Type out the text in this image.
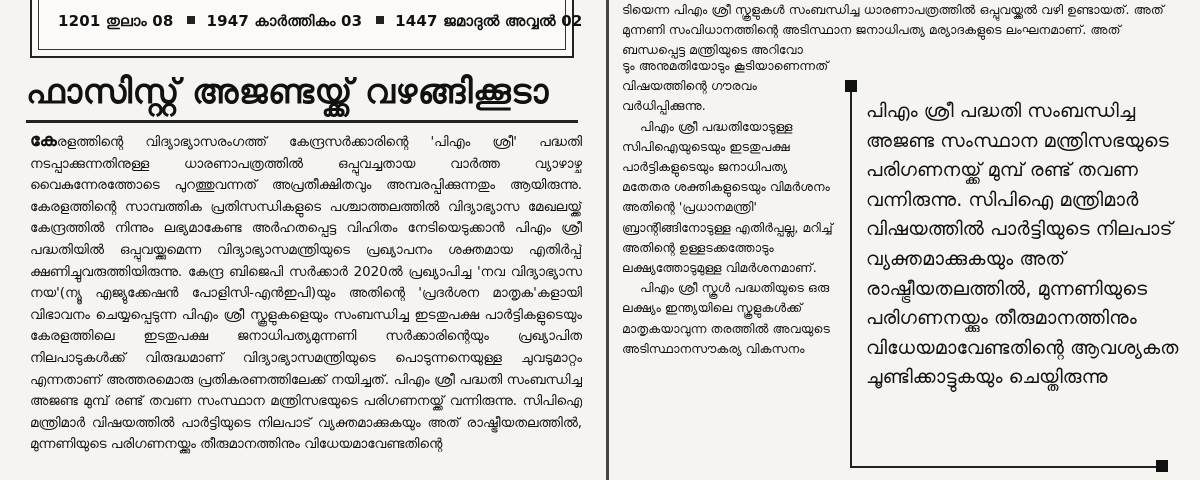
1201 തുലാം 08 1947 കാർത്തികം 03 1447 ജമാദുൽ അവ്വൽ 02
ഫാസിസ്റ്റ് അജണ്ടയ്ക്ക് വഴങ്ങിക്കൂടാ
കേരളത്തിന്റെ വിദ്യാഭ്യാസരംഗത്ത് കേന്ദ്രസർക്കാരിന്റെ 'പിഎം ശ്രീ' പദ്ധതി നടപ്പാക്കുന്നതിനുള്ള ധാരണാപത്രത്തിൽ ഒപ്പുവച്ചതായ വാർത്ത വ്യാഴാഴ്ച വൈകുന്നേരത്തോടെ പുറത്തുവന്നത് അപ്രതീക്ഷിതവും അമ്പരപ്പിക്കുന്നതും ആയിരുന്നു. കേരളത്തിന്റെ സാമ്പത്തിക പ്രതിസന്ധികളുടെ പശ്ചാത്തലത്തിൽ വിദ്യാഭ്യാസ മേഖലയ്ക്ക് കേന്ദ്രത്തിൽ നിന്നും ലഭ്യമാകേണ്ട അർഹതപ്പെട്ട വിഹിതം നേടിയെടുക്കാൻ പിഎം ശ്രീ പദ്ധതിയിൽ ഒപ്പുവയ്ക്കുമെന്ന വിദ്യാഭ്യാസമന്ത്രിയുടെ പ്രഖ്യാപനം ശക്തമായ എതിർപ്പ് ക്ഷണിച്ചുവരുത്തിയിരുന്നു. കേന്ദ്ര ബിജെപി സർക്കാർ 2020ൽ പ്രഖ്യാപിച്ച 'നവ വിദ്യാഭ്യാസ നയ'(ന്യൂ എജ്യുക്കേഷൻ പോളിസി-എൻഇപി)യും അതിന്റെ 'പ്രദർശന മാതൃക'കളായി വിഭാവനം ചെയ്യപ്പെടുന്ന പിഎം ശ്രീ സ്കൂളുകളെയും സംബന്ധിച്ച ഇടതുപക്ഷ പാർട്ടികളുടെയും കേരളത്തിലെ ഇടതുപക്ഷ ജനാധിപത്യമുന്നണി സർക്കാരിന്റെയും പ്രഖ്യാപിത നിലപാടുകൾക്ക് വിരുദ്ധമാണ് വിദ്യാഭ്യാസമന്ത്രിയുടെ പൊടുന്നനെയുള്ള ചുവടുമാറ്റം എന്നതാണ് അത്തരമൊരു പ്രതികരണത്തിലേക്ക് നയിച്ചത്. പിഎം ശ്രീ പദ്ധതി സംബന്ധിച്ച അജണ്ട മുമ്പ് രണ്ട് തവണ സംസ്ഥാന മന്ത്രിസഭയുടെ പരിഗണനയ്ക്ക് വന്നിരുന്നു. സിപിഐ മന്ത്രിമാർ വിഷയത്തിൽ പാർട്ടിയുടെ നിലപാട് വ്യക്തമാക്കുകയും അത് രാഷ്ട്രീയതലത്തിൽ, മുന്നണിയുടെ പരിഗണനയ്ക്കും തീരുമാനത്തിനും വിധേയമാവേണ്ടതിന്റെ
ടിയെന്ന പിഎം ശ്രീ സ്കൂളുകൾ സംബന്ധിച്ച ധാരണാപത്രത്തിൽ ഒപ്പുവയ്ക്കൽ വഴി ഉണ്ടായത്. അത് മുന്നണി സംവിധാനത്തിന്റെ അടിസ്ഥാന ജനാധിപത്യ മര്യാദകളുടെ ലംഘനമാണ്. അത് ബന്ധപ്പെട്ട മന്ത്രിയുടെ അറിവോ

ടും അനുമതിയോടും കൂടിയാണെന്നത് വിഷയത്തിന്റെ ഗൗരവം വർധിപ്പിക്കുന്നു.

പിഎം ശ്രീ പദ്ധതിയോടുള്ള സിപിഐയുടെയും ഇടതുപക്ഷ പാർട്ടികളുടെയും ജനാധിപത്യ മതേതര ശക്തികളുടെയും വിമർശനം അതിന്റെ 'പ്രധാനമന്ത്രി' ബ്രാന്റിങ്ങിനോടുള്ള എതിർപ്പല്ല, മറിച്ച് അതിന്റെ ഉള്ളടക്കത്തോടും ലക്ഷ്യത്തോടുമുള്ള വിമർശനമാണ്.

പിഎം ശ്രീ സ്കൂൾ പദ്ധതിയുടെ ഒരു ലക്ഷ്യം ഇന്ത്യയിലെ സ്കൂളുകൾക്ക് മാതൃകയാവുന്ന തരത്തിൽ അവയുടെ അടിസ്ഥാനസൗകര്യ വികസനം

പിഎം ശ്രീ പദ്ധതി സംബന്ധിച്ച അജണ്ട സംസ്ഥാന മന്ത്രിസഭയുടെ പരിഗണനയ്ക്ക് മുമ്പ് രണ്ട് തവണ വന്നിരുന്നു. സിപിഐ മന്ത്രിമാർ വിഷയത്തിൽ പാർട്ടിയുടെ നിലപാട് വ്യക്തമാക്കുകയും അത് രാഷ്ട്രീയതലത്തിൽ, മുന്നണിയുടെ പരിഗണനയ്ക്കും തീരുമാനത്തിനും വിധേയമാവേണ്ടതിന്റെ ആവശ്യകത ചൂണ്ടിക്കാട്ടുകയും ചെയ്തിരുന്നു
